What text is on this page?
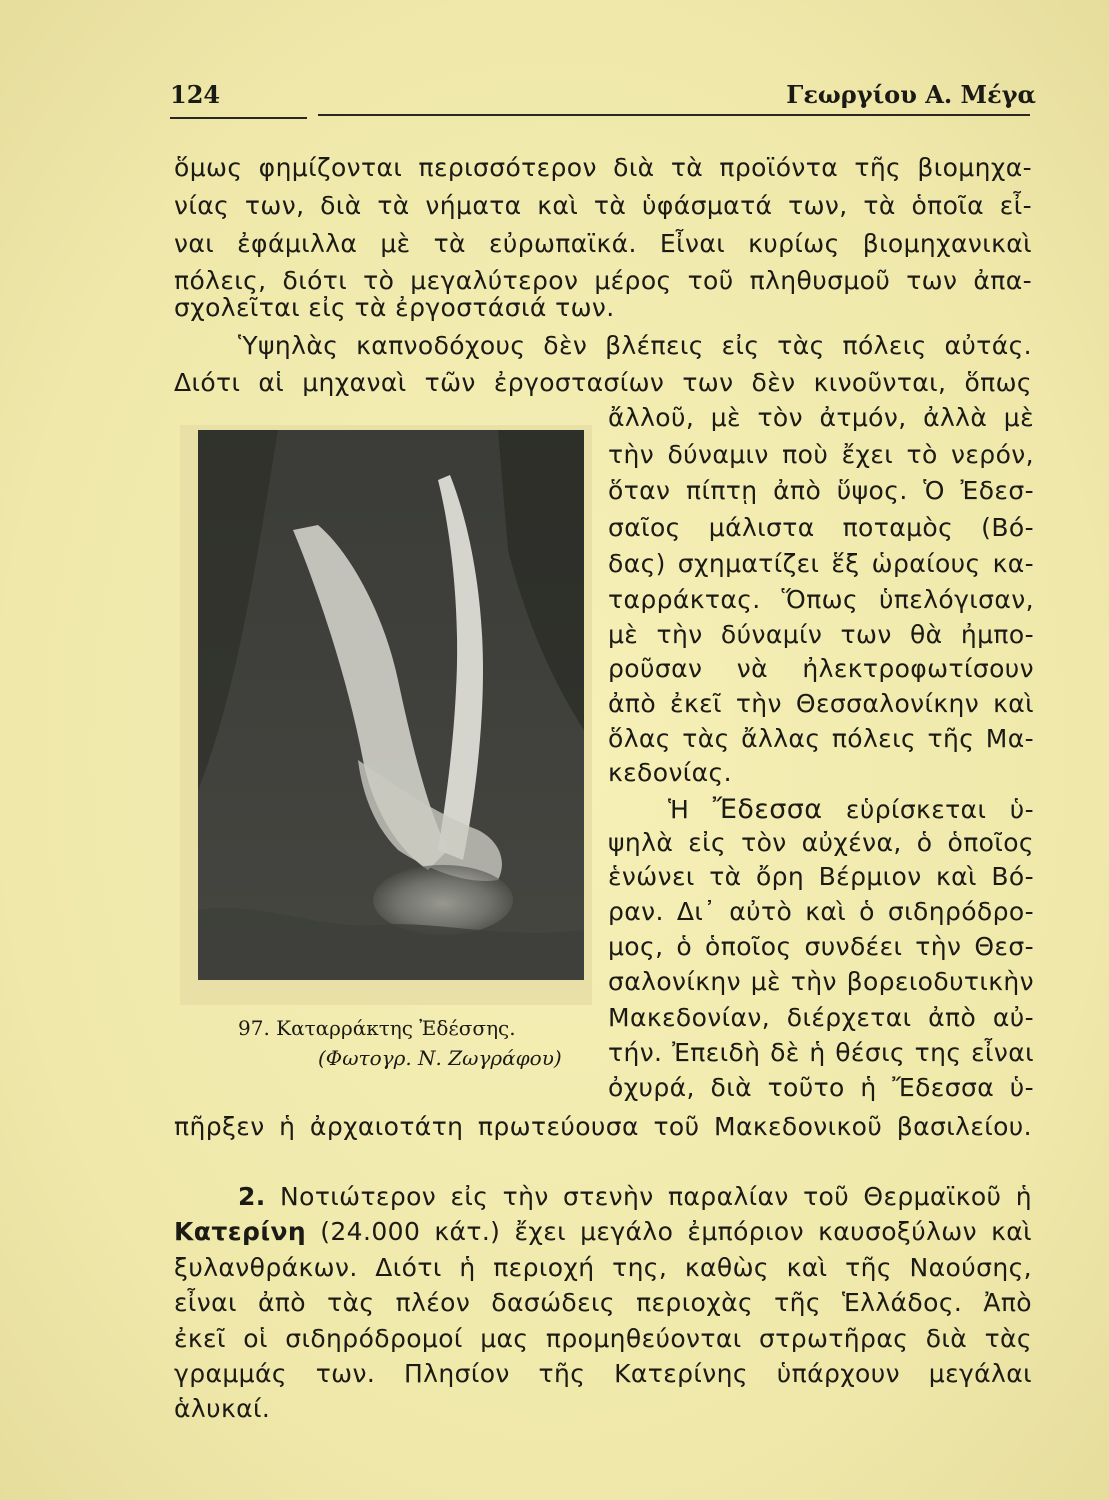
124	Γεωργίου Α. Μέγα
ὅμως φημίζονται περισσότερον διὰ τὰ προϊόντα τῆς βιομηχα-
νίας των, διὰ τὰ νήματα καὶ τὰ ὑφάσματά των, τὰ ὁποῖα εἶ-
ναι ἐφάμιλλα μὲ τὰ εὐρωπαϊκά. Εἶναι κυρίως βιομηχανικαὶ
πόλεις, διότι τὸ μεγαλύτερον μέρος τοῦ πληθυσμοῦ των ἀπα-
σχολεῖται εἰς τὰ ἐργοστάσιά των.
Ὑψηλὰς καπνοδόχους δὲν βλέπεις εἰς τὰς πόλεις αὐτάς.
Διότι αἱ μηχαναὶ τῶν ἐργοστασίων των δὲν κινοῦνται, ὅπως
ἄλλοῦ, μὲ τὸν ἀτμόν, ἀλλὰ μὲ
τὴν δύναμιν ποὺ ἔχει τὸ νερόν,
ὅταν πίπτῃ ἀπὸ ὕψος. Ὁ Ἐδεσ-
σαῖος μάλιστα ποταμὸς (Βό-
δας) σχηματίζει ἕξ ὡραίους κα-
ταρράκτας. Ὅπως ὑπελόγισαν,
μὲ τὴν δύναμίν των θὰ ἠμπο-
ροῦσαν νὰ ἠλεκτροφωτίσουν
ἀπὸ ἐκεῖ τὴν Θεσσαλονίκην καὶ
ὅλας τὰς ἄλλας πόλεις τῆς Μα-
κεδονίας.
Ἡ Ἔδεσσα εὑρίσκεται ὑ-
ψηλὰ εἰς τὸν αὐχένα, ὁ ὁποῖος
ἑνώνει τὰ ὄρη Βέρμιον καὶ Βό-
ραν. Δι᾽ αὐτὸ καὶ ὁ σιδηρόδρο-
μος, ὁ ὁποῖος συνδέει τὴν Θεσ-
σαλονίκην μὲ τὴν βορειοδυτικὴν
Μακεδονίαν, διέρχεται ἀπὸ αὐ-
τήν. Ἐπειδὴ δὲ ἡ θέσις της εἶναι
ὀχυρά, διὰ τοῦτο ἡ Ἔδεσσα ὑ-
πῆρξεν ἡ ἀρχαιοτάτη πρωτεύουσα τοῦ Μακεδονικοῦ βασιλείου.
97. Καταρράκτης Ἐδέσσης.
(Φωτογρ. Ν. Ζωγράφου)
2. Νοτιώτερον εἰς τὴν στενὴν παραλίαν τοῦ Θερμαϊκοῦ ἡ
Κατερίνη (24.000 κάτ.) ἔχει μεγάλο ἐμπόριον καυσοξύλων καὶ
ξυλανθράκων. Διότι ἡ περιοχή της, καθὼς καὶ τῆς Ναούσης,
εἶναι ἀπὸ τὰς πλέον δασώδεις περιοχὰς τῆς Ἑλλάδος. Ἀπὸ
ἐκεῖ οἱ σιδηρόδρομοί μας προμηθεύονται στρωτῆρας διὰ τὰς
γραμμάς των. Πλησίον τῆς Κατερίνης ὑπάρχουν μεγάλαι
ἁλυκαί.
